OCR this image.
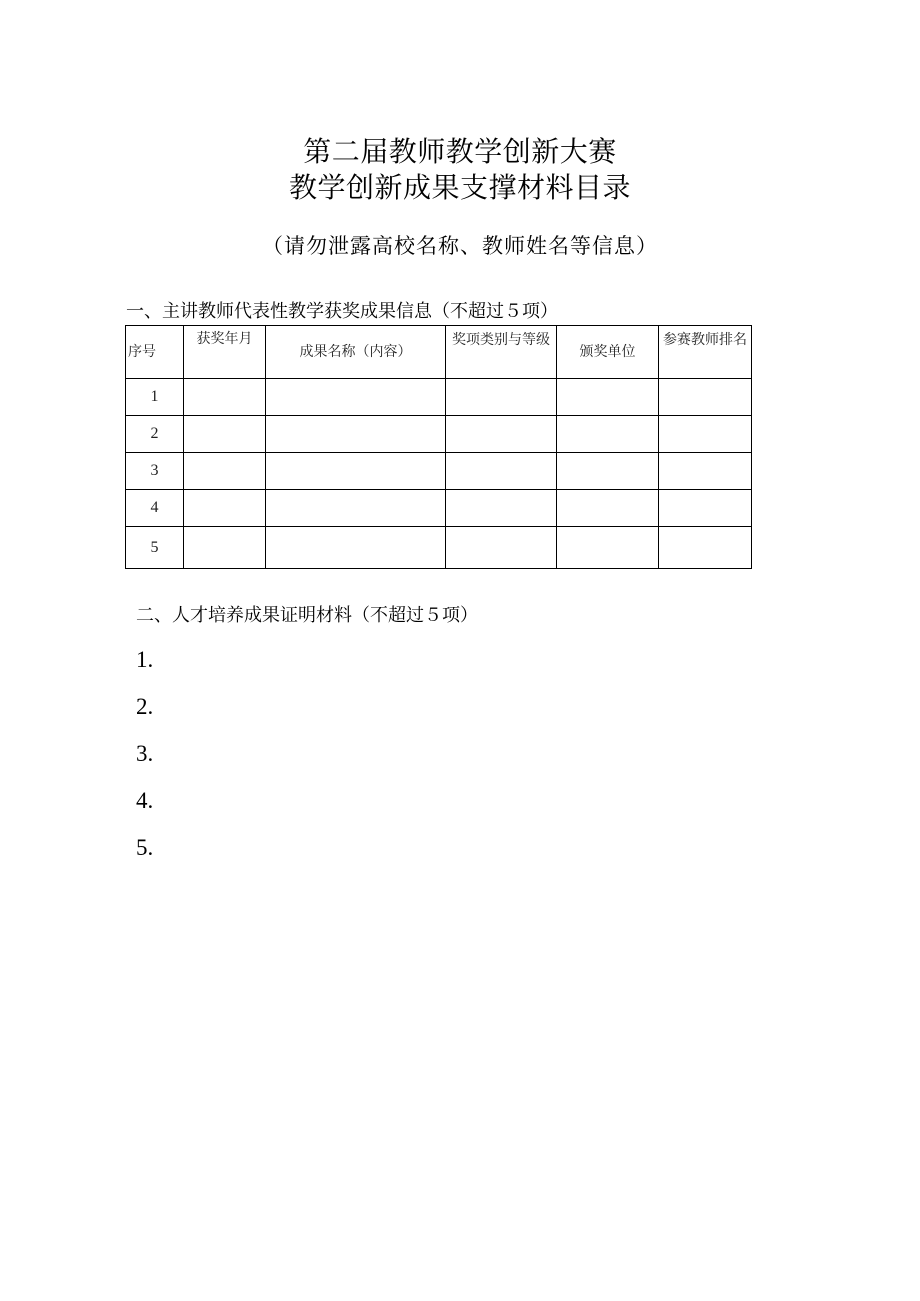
第二届教师教学创新大赛
教学创新成果支撑材料目录
（请勿泄露高校名称、教师姓名等信息）
一、主讲教师代表性教学获奖成果信息（不超过５项）
序号	获奖年月	成果名称（内容）	奖项类别与等级	颁奖单位	参赛教师排名
1					
2					
3					
4					
5					
二、人才培养成果证明材料（不超过５项）
1.
2.
3.
4.
5.
